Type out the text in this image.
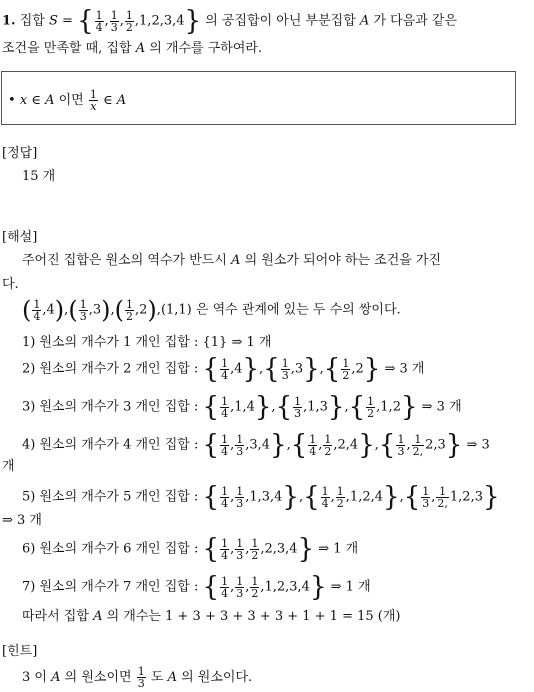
1. 집합 S = { $\frac{1}{4}$ , $\frac{1}{3}$ , $\frac{1}{2} ,1,2,3,4$} 의 공집합이 아닌 부분집합 A 가 다음과 같은
조건을 만족할 때, 집합 A 의 개수를 구하여라.
• x ∈ A 이면 $\frac{1}{x}$ ∈ A
[정답]
15 개
[해설]
주어진 집합은 원소의 역수가 반드시 A 의 원소가 되어야 하는 조건을 가진
다.
( $\frac{1}{4} ,4),( \frac{1}{3} ,3),( \frac{1}{2} ,2),(1,1)$ 은 역수 관계에 있는 두 수의 쌍이다.
1) 원소의 개수가 1 개인 집합 : {1} ⇒ 1 개
2) 원소의 개수가 2 개인 집합 : { $\frac{1}{4} ,4\},\{ \frac{1}{3} ,3\},\{ \frac{1}{2} ,2\}$ ⇒ 3 개
3) 원소의 개수가 3 개인 집합 : { $\frac{1}{4} ,1,4\},\{ \frac{1}{3} ,1,3\},\{ \frac{1}{2} ,1,2\}$ ⇒ 3 개
4) 원소의 개수가 4 개인 집합 : { $\frac{1}{4}$ , $\frac{1}{3} ,3,4\},\{ \frac{1}{4}$ , $\frac{1}{2} ,2,4\},\{ \frac{1}{3}$ , $\frac{1}{2,} 2,3$} ⇒ 3
개
5) 원소의 개수가 5 개인 집합 : { $\frac{1}{4}$ , $\frac{1}{3} ,1,3,4\},\{ \frac{1}{4}$ , $\frac{1}{2} ,1,2,4\},\{ \frac{1}{3}$ , $\frac{1}{2,} 1,2,3$}
⇒ 3 개
6) 원소의 개수가 6 개인 집합 : { $\frac{1}{4}$ , $\frac{1}{3}$ , $\frac{1}{2} ,2,3,4$} ⇒ 1 개
7) 원소의 개수가 7 개인 집합 : { $\frac{1}{4}$ , $\frac{1}{3}$ , $\frac{1}{2} ,1,2,3,4$} ⇒ 1 개
따라서 집합 A 의 개수는 1 + 3 + 3 + 3 + 3 + 1 + 1 = 15 (개)
[힌트]
3 이 A 의 원소이면 $\frac{1}{3}$ 도 A 의 원소이다.
